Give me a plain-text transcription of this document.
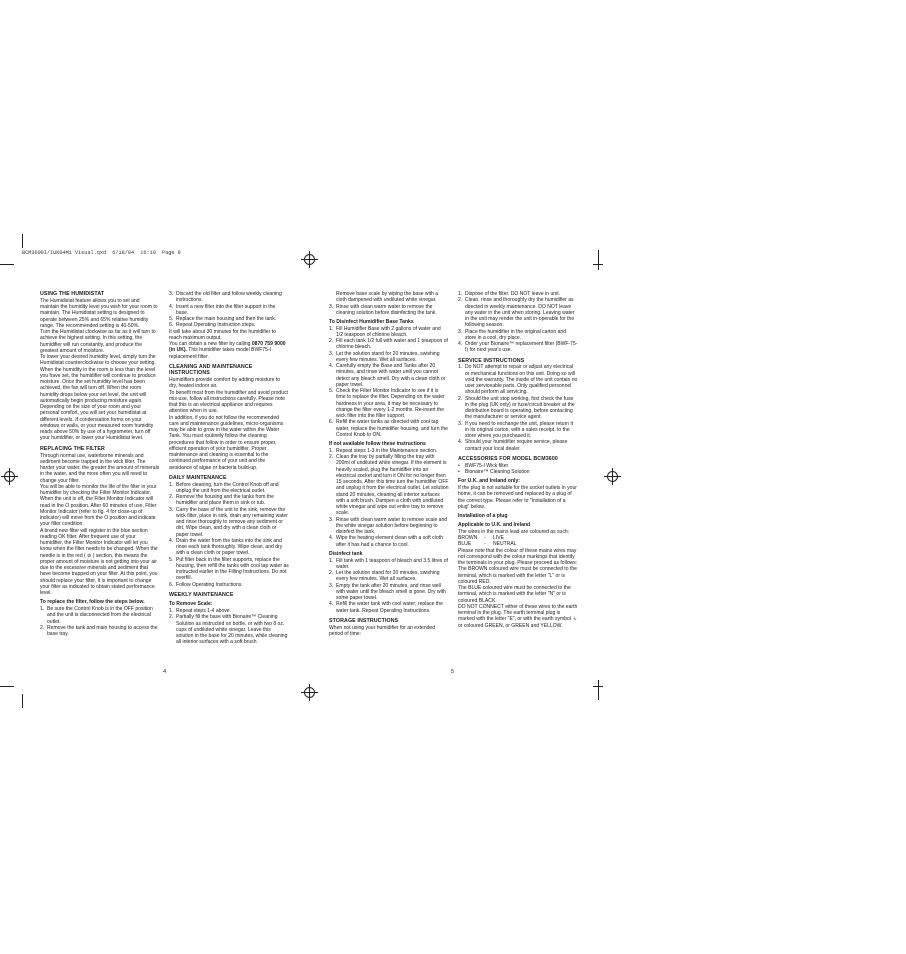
BCM3600I/IUK04M1 Visual.qxd  6/18/04  16:10  Page 9
USING THE HUMIDISTAT

The Humidistat feature allows you to set and maintain the humidity level you wish for your room to maintain. The Humidistat setting is designed to operate between 25% and 65% relative humidity range. The recommended setting is 40-50%.

Turn the Humidistat clockwise as far as it will turn to achieve the highest setting. In this setting, the humidifier will run constantly, and produce the greatest amount of moisture.

To lower your desired humidity level, simply turn the Humidistat counterclockwise to choose your setting.

When the humidity in the room is less than the level you have set, the humidifier will continue to produce moisture. Once the set humidity level has been achieved, the fan will turn off. When the room humidity drops below your set level, the unit will automatically begin producing moisture again.

Depending on the size of your room and your personal comfort, you will set your humidistat at different levels. If condensation forms on your windows or walls, or your measured room humidity reads above 50% by use of a hygrometer, turn off your humidifier, or lower your Humidistat level.

REPLACING THE FILTER

Through normal use, waterborne minerals and sediment become trapped in the wick filter. The harder your water, the greater the amount of minerals in the water, and the more often you will need to change your filter.

You will be able to monitor the life of the filter in your humidifier by checking the Filter Monitor Indicator. When the unit is off, the Filter Monitor Indicator will read in the O position. After 60 minutes of use, Filter Monitor Indicator (refer to fig. 4 for close-up of indicator) will move from the O position and indicate your filter condition.

A brand new filter will register in the blue section reading OK filter. After frequent use of your humidifier, the Filter Monitor Indicator will let you know when the filter needs to be changed. When the needle is in the red ( ⊘ ) section, this means the proper amount of moisture is not getting into your air due to the excessive minerals and sediment that have become trapped on your filter. At this point, you should replace your filter. It is important to change your filter as indicated to obtain stated performance level.

To replace the filter, follow the steps below.
1. Be sure the Control Knob is in the OFF position and the unit is disconnected from the electrical outlet.
2. Remove the tank and main housing to access the base tray.
3. Discard the old filter and follow weekly cleaning instructions.
4. Insert a new filter into the filter support in the base.
5. Replace the main housing and then the tank.
6. Repeat Operating Instruction steps.

It will take about 30 minutes for the humidifier to reach maximum output.

You can obtain a new filter by calling 0870 759 9000 (in UK). This humidifier takes model BWF75-I replacement filter.

CLEANING AND MAINTENANCE INSTRUCTIONS

Humidifiers provide comfort by adding moisture to dry, heated indoor air.

To benefit most from the humidifier and avoid product mis-use, follow all instructions carefully. Please note that this is an electrical appliance and requires attention when in use.

In addition, if you do not follow the recommended care and maintenance guidelines, micro-organisms may be able to grow in the water within the Water Tank. You must routinely follow the cleaning procedures that follow in order to ensure proper, efficient operation of your humidifier. Proper maintenance and cleaning is essential to the continued performance of your unit and the avoidance of algae or bacteria build-up.

DAILY MAINTENANCE
1. Before cleaning, turn the Control Knob off and unplug the unit from the electrical outlet.
2. Remove the housing and the tanks from the humidifier and place them in sink or tub.
3. Carry the base of the unit to the sink, remove the wick filter, place in sink, drain any remaining water and rinse thoroughly to remove any sediment or dirt. Wipe clean, and dry with a clean cloth or paper towel.
4. Drain the water from the tanks into the sink and rinse each tank thoroughly. Wipe clean, and dry with a clean cloth or paper towel.
5. Put filter back in the filter supports, replace the housing, then refill the tanks with cool tap water as instructed earlier in the Filling Instructions. Do not overfill.
6. Follow Operating Instructions.
WEEKLY MAINTENANCE
To Remove Scale:
1. Repeat steps 1-4 above.
2. Partially fill the base with Bionaire™ Cleaning Solution as instructed on bottle, or with two 8 oz. cups of undiluted white vinegar. Leave this solution in the base for 20 minutes, while cleaning all interior surfaces with a soft brush.
Remove base scale by wiping the base with a cloth dampened with undiluted white vinegar.
3. Rinse with clean warm water to remove the cleaning solution before disinfecting the tank.
To Disinfect Humidifier Base Tanks
1. Fill Humidifier Base with 2 gallons of water and 1/2 teaspoon of chlorine bleach.
2. Fill each tank 1/2 full with water and 1 teaspoon of chlorine bleach.
3. Let the solution stand for 20 minutes, swishing every few minutes. Wet all surfaces.
4. Carefully empty the Base and Tanks after 20 minutes, and rinse with water until you cannot detect any bleach smell. Dry with a clean cloth or paper towel.
5. Check the Filter Monitor Indicator to see if it is time to replace the filter. Depending on the water hardness in your area, it may be necessary to change the filter every 1-2 months. Re-insert the wick filter into the filter support.
6. Refill the water tanks as directed with cool tap water, replace the humidifier housing, and turn the Control Knob to ON.
If not available follow these instructions
1. Repeat steps 1-3 in the Maintenance section.
2. Clean the tray by partially filling the tray with 200ml of undiluted white vinegar. If the element is heavily scaled, plug the humidifier into an electrical socket and turn it ON for no longer then 15 seconds. After this time turn the humidifier OFF and unplug it from the electrical outlet. Let solution stand 20 minutes, cleaning all interior surfaces with a soft brush. Dampen a cloth with undiluted white vinegar and wipe out entire tray to remove scale.
3. Rinse with clean warm water to remove scale and the white vinegar solution before beginning to disinfect the tank.
4. Wipe the heating element clean with a soft cloth after it has had a chance to cool.
Disinfect tank
1. Fill tank with 1 teaspoon of bleach and 3.5 litres of water.
2. Let the solution stand for 20 minutes, swishing every few minutes. Wet all surfaces.
3. Empty the tank after 20 minutes, and rinse well with water until the bleach smell is gone. Dry with some paper towel.
4. Refill the water tank with cool water; replace the water tank. Repeat Operating Instructions.
STORAGE INSTRUCTIONS

When not using your humidifier for an extended period of time:

1. Dispose of the filter. DO NOT leave in unit.
2. Clean, rinse and thoroughly dry the humidifier as directed in weekly maintenance. DO NOT leave any water in the unit when storing. Leaving water in the unit may render the unit in-operable for the following season.
3. Place the humidifier in the original carton and store in a cool, dry place.
4. Order your Bionaire™ replacement filter (BWF-75-I) for next year's use.
SERVICE INSTRUCTIONS
1. Do NOT attempt to repair or adjust any electrical or mechanical functions on this unit. Doing so will void the warranty. The inside of the unit contain no user serviceable parts. Only qualified personnel should perform all servicing.
2. Should the unit stop working, first check the fuse in the plug (UK only) or fuse/circuit breaker at the distribution board is operating, before contacting the manufacturer or service agent.
3. If you need to exchange the unit, please return it in its original carton, with a sales receipt, to the store where you purchased it.
4. Should your humidifier require service, please contact your local dealer.
ACCESSORIES FOR MODEL BCM3600
•	BWF75-I Wick filter.
•	Bionaire™ Cleaning Solution
For U.K. and Ireland only:

If the plug is not suitable for the socket outlets in your home, it can be removed and replaced by a plug of the correct type. Please refer to "Installation of a plug" below.

Installation of a plug
Applicable to U.K. and Ireland

The wires in the mains lead are coloured as such:

BROWN	-	LIVE
BLUE	-	NEUTRAL

Please note that the colour of these mains wires may not correspond with the colour markings that identify the terminals in your plug. Please proceed as follows:

The BROWN coloured wire must be connected to the terminal, which is marked with the letter "L" or is coloured RED.

The BLUE coloured wire must be connected to the terminal, which is marked with the letter "N" or is coloured BLACK.

DO NOT CONNECT either of these wires to the earth terminal in the plug. The earth terminal plug is marked with the letter "E", or with the earth symbol ⏚ or coloured GREEN, or GREEN and YELLOW.

4	5
